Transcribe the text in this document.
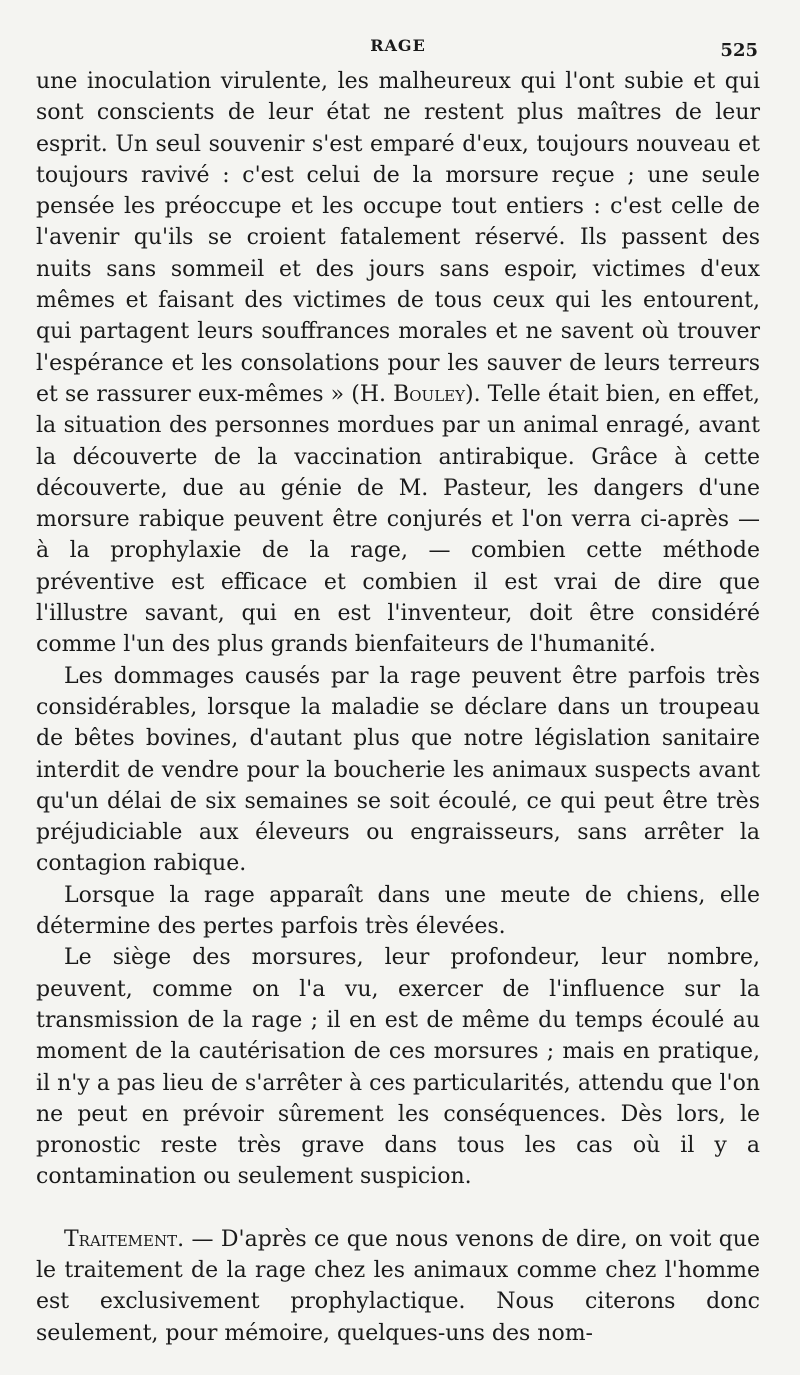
RAGE	525

une inoculation virulente, les malheureux qui l'ont subie et qui sont conscients de leur état ne restent plus maîtres de leur esprit. Un seul souvenir s'est emparé d'eux, toujours nouveau et toujours ravivé : c'est celui de la morsure reçue ; une seule pensée les préoccupe et les occupe tout entiers : c'est celle de l'avenir qu'ils se croient fatalement réservé. Ils passent des nuits sans sommeil et des jours sans espoir, victimes d'eux mêmes et faisant des victimes de tous ceux qui les entourent, qui partagent leurs souffrances morales et ne savent où trouver l'espérance et les consolations pour les sauver de leurs terreurs et se rassurer eux-mêmes » (H. Bouley). Telle était bien, en effet, la situation des personnes mordues par un animal enragé, avant la découverte de la vaccination antirabique. Grâce à cette découverte, due au génie de M. Pasteur, les dangers d'une morsure rabique peuvent être conjurés et l'on verra ci-après — à la prophylaxie de la rage, — combien cette méthode préventive est efficace et combien il est vrai de dire que l'illustre savant, qui en est l'inventeur, doit être considéré comme l'un des plus grands bienfaiteurs de l'humanité.

Les dommages causés par la rage peuvent être parfois très considérables, lorsque la maladie se déclare dans un troupeau de bêtes bovines, d'autant plus que notre législation sanitaire interdit de vendre pour la boucherie les animaux suspects avant qu'un délai de six semaines se soit écoulé, ce qui peut être très préjudiciable aux éleveurs ou engraisseurs, sans arrêter la contagion rabique.

Lorsque la rage apparaît dans une meute de chiens, elle détermine des pertes parfois très élevées.

Le siège des morsures, leur profondeur, leur nombre, peuvent, comme on l'a vu, exercer de l'influence sur la transmission de la rage ; il en est de même du temps écoulé au moment de la cautérisation de ces morsures ; mais en pratique, il n'y a pas lieu de s'arrêter à ces particularités, attendu que l'on ne peut en prévoir sûrement les conséquences. Dès lors, le pronostic reste très grave dans tous les cas où il y a contamination ou seulement suspicion.

Traitement. — D'après ce que nous venons de dire, on voit que le traitement de la rage chez les animaux comme chez l'homme est exclusivement prophylactique. Nous citerons donc seulement, pour mémoire, quelques-uns des nom-
